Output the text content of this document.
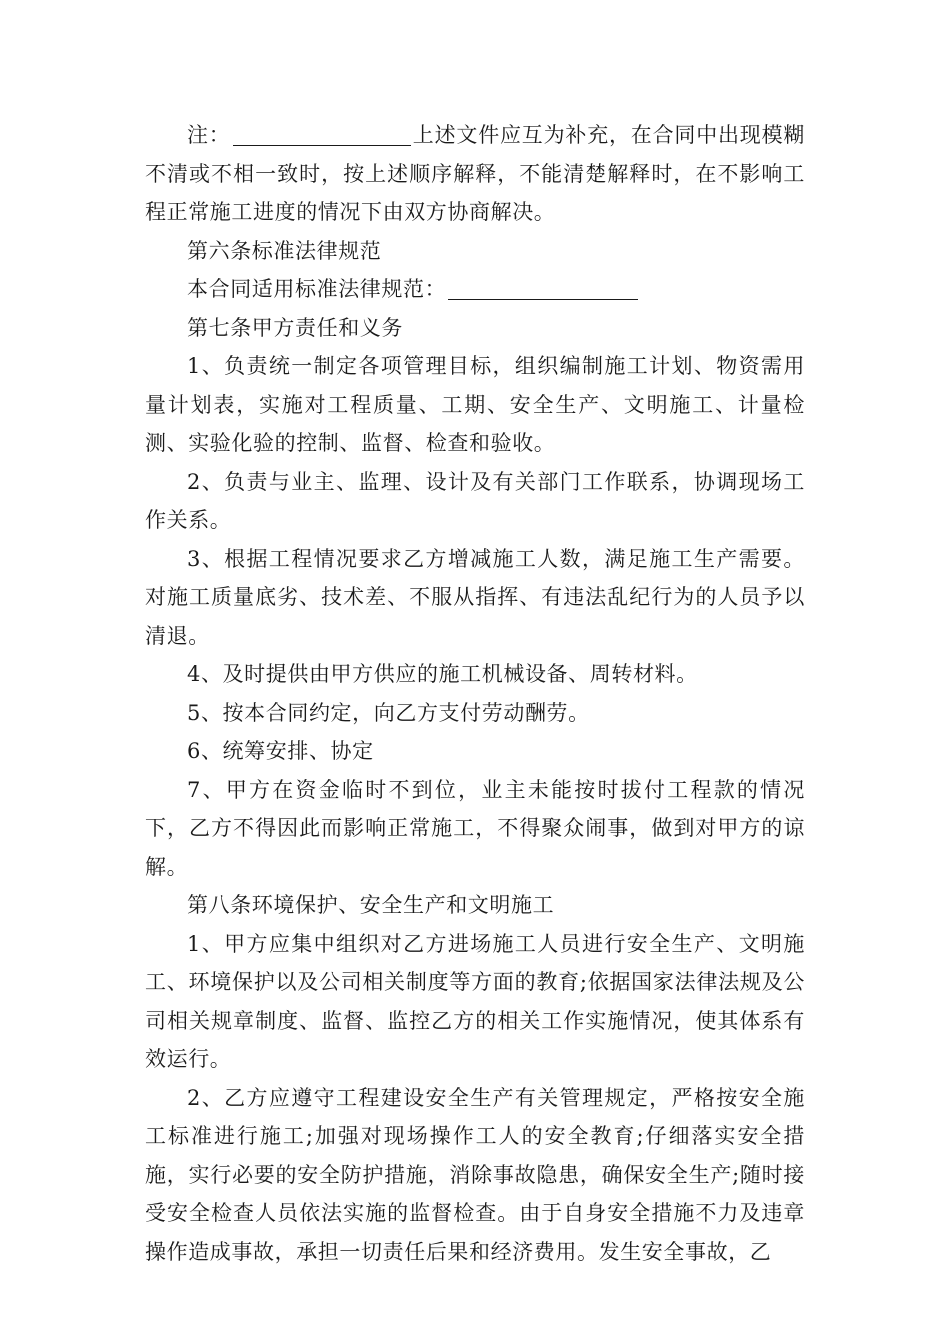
注：	上述文件应互为补充，在合同中出现模糊不清或不相一致时，按上述顺序解释，不能清楚解释时，在不影响工程正常施工进度的情况下由双方协商解决。

第六条标准法律规范

本合同适用标准法律规范：

第七条甲方责任和义务

1、负责统一制定各项管理目标，组织编制施工计划、物资需用量计划表，实施对工程质量、工期、安全生产、文明施工、计量检测、实验化验的控制、监督、检查和验收。

2、负责与业主、监理、设计及有关部门工作联系，协调现场工作关系。

3、根据工程情况要求乙方增减施工人数，满足施工生产需要。对施工质量底劣、技术差、不服从指挥、有违法乱纪行为的人员予以清退。

4、及时提供由甲方供应的施工机械设备、周转材料。

5、按本合同约定，向乙方支付劳动酬劳。

6、统筹安排、协定

7、甲方在资金临时不到位，业主未能按时拔付工程款的情况下，乙方不得因此而影响正常施工，不得聚众闹事，做到对甲方的谅解。

第八条环境保护、安全生产和文明施工

1、甲方应集中组织对乙方进场施工人员进行安全生产、文明施工、环境保护以及公司相关制度等方面的教育;依据国家法律法规及公司相关规章制度、监督、监控乙方的相关工作实施情况，使其体系有效运行。

2、乙方应遵守工程建设安全生产有关管理规定，严格按安全施工标准进行施工;加强对现场操作工人的安全教育;仔细落实安全措施，实行必要的安全防护措施，消除事故隐患，确保安全生产;随时接受安全检查人员依法实施的监督检查。由于自身安全措施不力及违章操作造成事故，承担一切责任后果和经济费用。发生安全事故，乙
